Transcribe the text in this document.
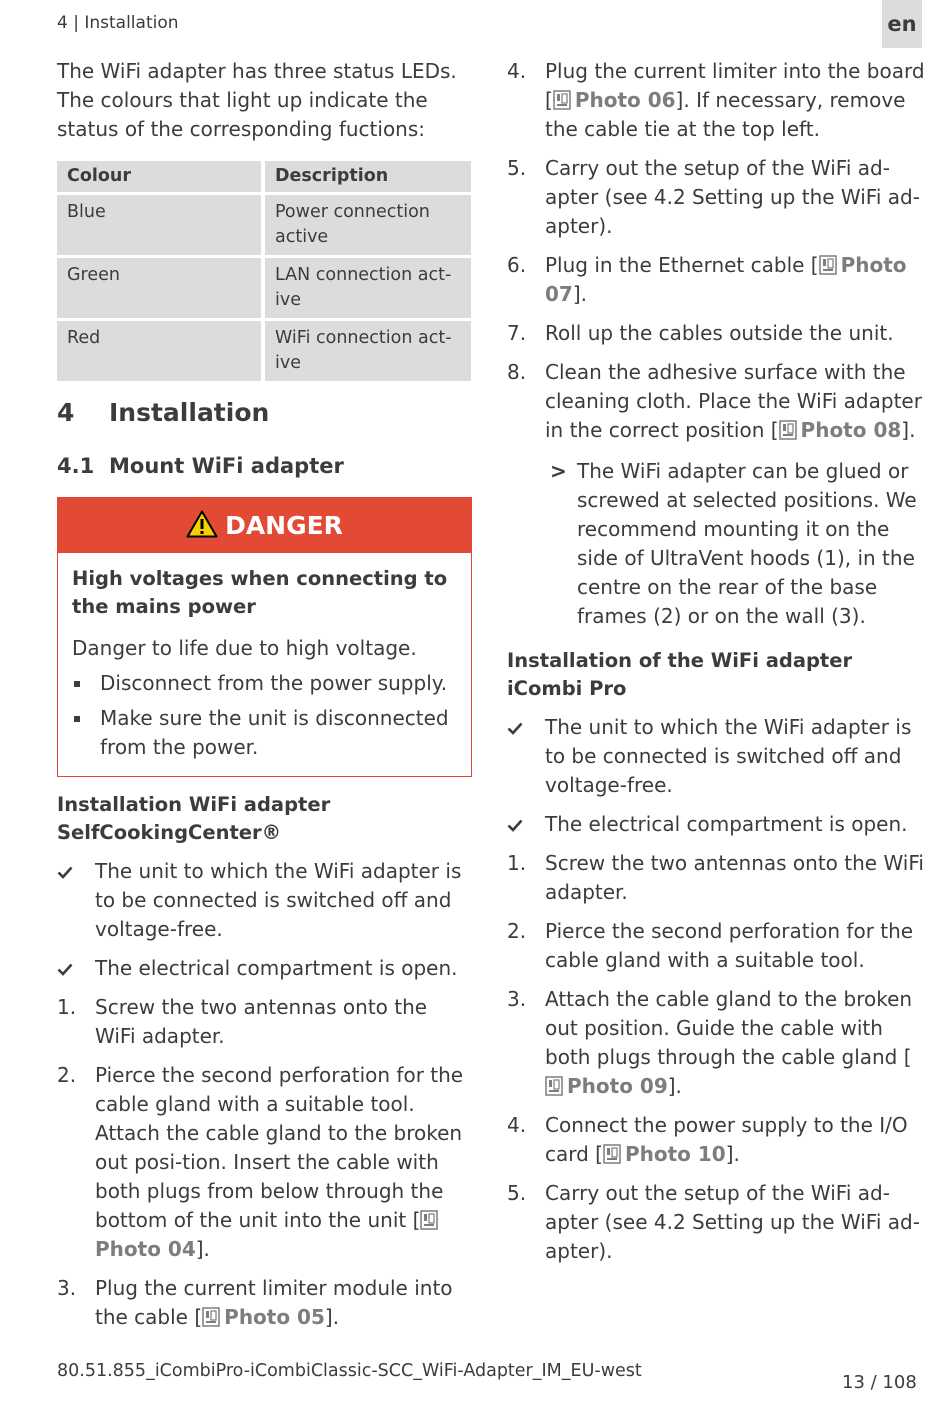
4 | Installation	en

The WiFi adapter has three status LEDs. The colours that light up indicate the status of the corresponding fuctions:

Colour	Description
Blue	Power connection active
Green	LAN connection act-ive
Red	WiFi connection act-ive
4 Installation
4.1 Mount WiFi adapter
DANGER
High voltages when connecting to the mains power
Danger to life due to high voltage.
Disconnect from the power supply.
Make sure the unit is disconnected from the power.
Installation WiFi adapter SelfCookingCenter®
The unit to which the WiFi adapter is to be connected is switched off and voltage-free.
The electrical compartment is open.
1. Screw the two antennas onto the WiFi adapter.
2. Pierce the second perforation for the cable gland with a suitable tool. Attach the cable gland to the broken out posi-tion. Insert the cable with both plugs from below through the bottom of the unit into the unit [Photo 04].
3. Plug the current limiter module into the cable [ Photo 05].
4. Plug the current limiter into the board [ Photo 06]. If necessary, remove the cable tie at the top left.
5. Carry out the setup of the WiFi ad-apter (see 4.2 Setting up the WiFi ad-apter).
6. Plug in the Ethernet cable [ Photo 07].
7. Roll up the cables outside the unit.
8. Clean the adhesive surface with the cleaning cloth. Place the WiFi adapter in the correct position [ Photo 08].
> The WiFi adapter can be glued or screwed at selected positions. We recommend mounting it on the side of UltraVent hoods (1), in the centre on the rear of the base frames (2) or on the wall (3).
Installation of the WiFi adapter iCombi Pro
The unit to which the WiFi adapter is to be connected is switched off and voltage-free.
The electrical compartment is open.
1. Screw the two antennas onto the WiFi adapter.
2. Pierce the second perforation for the cable gland with a suitable tool.
3. Attach the cable gland to the broken out position. Guide the cable with both plugs through the cable gland [Photo 09].
4. Connect the power supply to the I/O card [ Photo 10].
5. Carry out the setup of the WiFi ad-apter (see 4.2 Setting up the WiFi ad-apter).
80.51.855_iCombiPro-iCombiClassic-SCC_WiFi-Adapter_IM_EU-west
13 / 108
